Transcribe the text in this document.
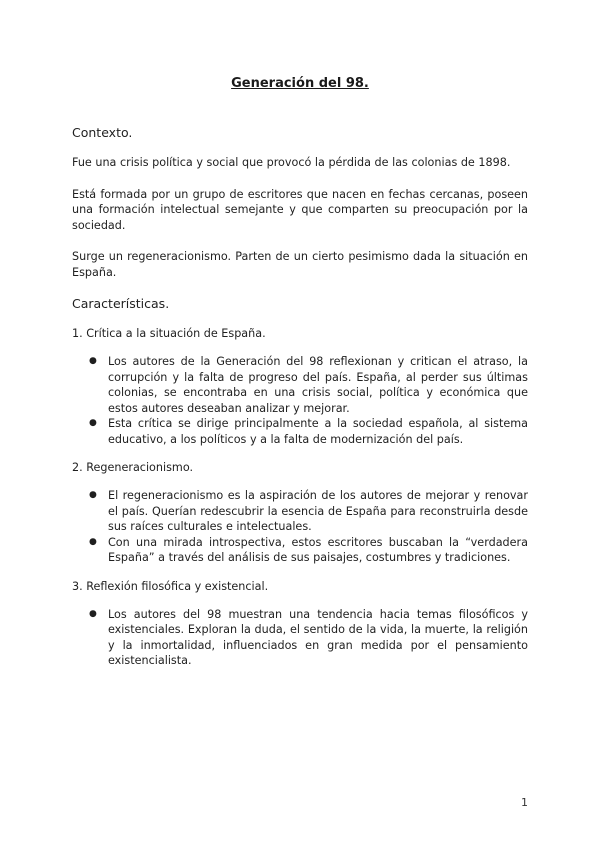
Generación del 98.
Contexto.

Fue una crisis política y social que provocó la pérdida de las colonias de 1898.

Está formada por un grupo de escritores que nacen en fechas cercanas, poseen una formación intelectual semejante y que comparten su preocupación por la sociedad.

Surge un regeneracionismo. Parten de un cierto pesimismo dada la situación en España.

Características.
1. Crítica a la situación de España.
● Los autores de la Generación del 98 reflexionan y critican el atraso, la corrupción y la falta de progreso del país. España, al perder sus últimas colonias, se encontraba en una crisis social, política y económica que estos autores deseaban analizar y mejorar.
● Esta crítica se dirige principalmente a la sociedad española, al sistema educativo, a los políticos y a la falta de modernización del país.
2. Regeneracionismo.
● El regeneracionismo es la aspiración de los autores de mejorar y renovar el país. Querían redescubrir la esencia de España para reconstruirla desde sus raíces culturales e intelectuales.
● Con una mirada introspectiva, estos escritores buscaban la “verdadera España” a través del análisis de sus paisajes, costumbres y tradiciones.
3. Reflexión filosófica y existencial.
● Los autores del 98 muestran una tendencia hacia temas filosóficos y existenciales. Exploran la duda, el sentido de la vida, la muerte, la religión y la inmortalidad, influenciados en gran medida por el pensamiento existencialista.
1
